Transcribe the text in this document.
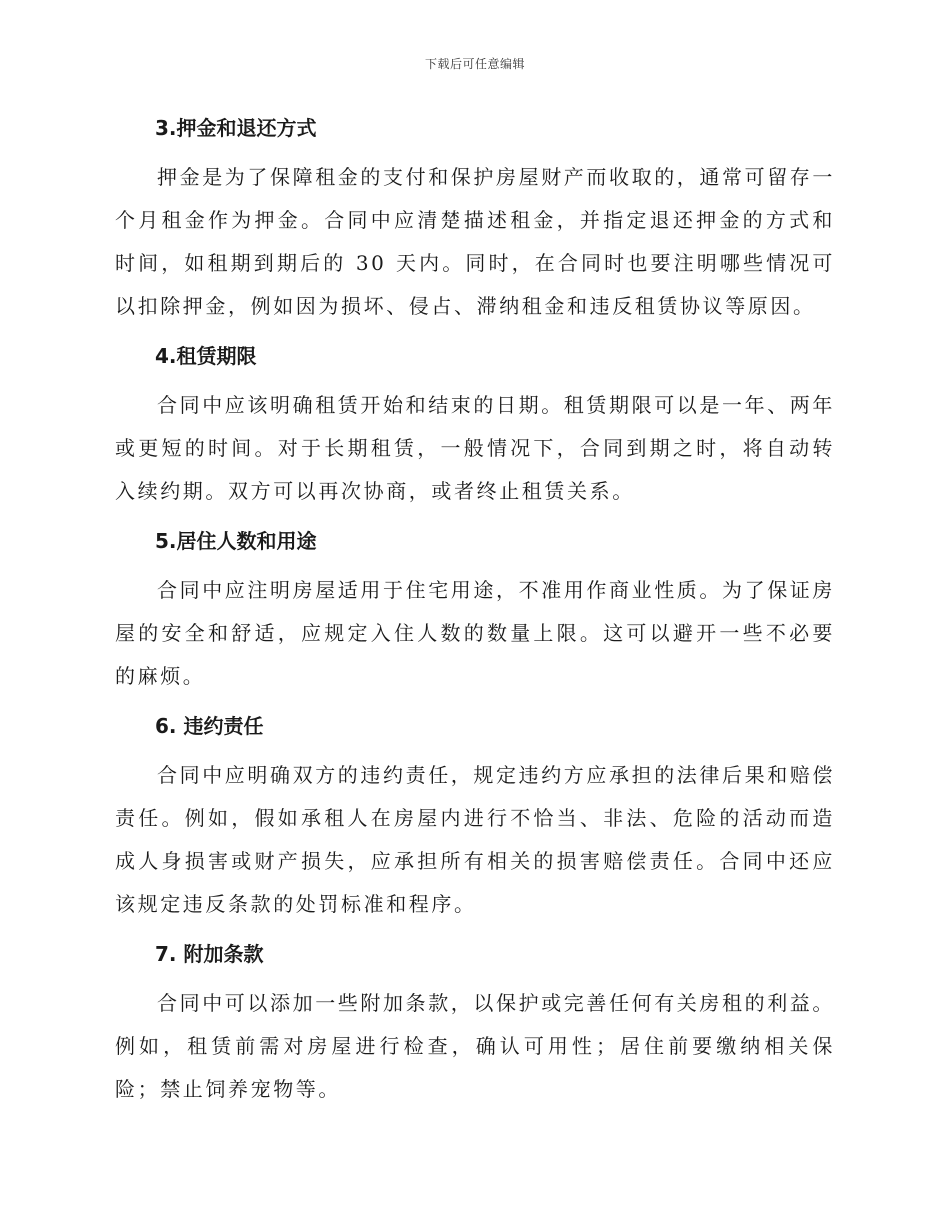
下载后可任意编辑
3.押金和退还方式

押金是为了保障租金的支付和保护房屋财产而收取的，通常可留存一个月租金作为押金。合同中应清楚描述租金，并指定退还押金的方式和时间，如租期到期后的 30 天内。同时，在合同时也要注明哪些情况可以扣除押金，例如因为损坏、侵占、滞纳租金和违反租赁协议等原因。

4.租赁期限

合同中应该明确租赁开始和结束的日期。租赁期限可以是一年、两年或更短的时间。对于长期租赁，一般情况下，合同到期之时，将自动转入续约期。双方可以再次协商，或者终止租赁关系。

5.居住人数和用途

合同中应注明房屋适用于住宅用途，不准用作商业性质。为了保证房屋的安全和舒适，应规定入住人数的数量上限。这可以避开一些不必要的麻烦。

6. 违约责任

合同中应明确双方的违约责任，规定违约方应承担的法律后果和赔偿责任。例如，假如承租人在房屋内进行不恰当、非法、危险的活动而造成人身损害或财产损失，应承担所有相关的损害赔偿责任。合同中还应该规定违反条款的处罚标准和程序。

7. 附加条款

合同中可以添加一些附加条款，以保护或完善任何有关房租的利益。例如，租赁前需对房屋进行检查，确认可用性；居住前要缴纳相关保险；禁止饲养宠物等。
